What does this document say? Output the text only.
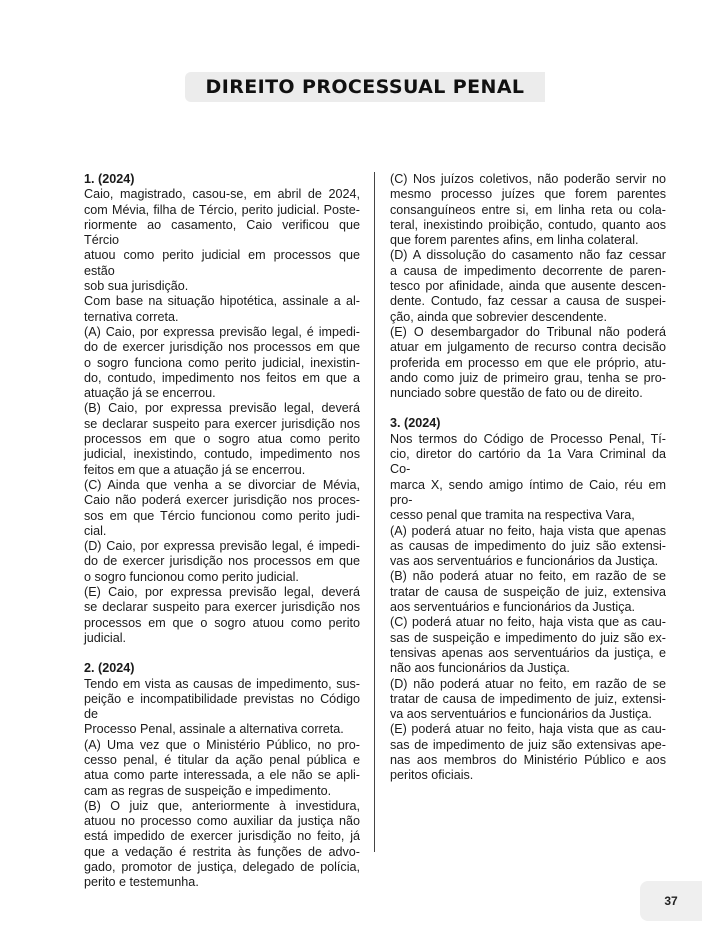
DIREITO PROCESSUAL PENAL
1. (2024)
Caio, magistrado, casou-se, em abril de 2024,
com Mévia, filha de Tércio, perito judicial. Poste-
riormente ao casamento, Caio verificou que Tércio
atuou como perito judicial em processos que estão
sob sua jurisdição.
Com base na situação hipotética, assinale a al-
ternativa correta.
(A) Caio, por expressa previsão legal, é impedi-
do de exercer jurisdição nos processos em que
o sogro funciona como perito judicial, inexistin-
do, contudo, impedimento nos feitos em que a
atuação já se encerrou.
(B) Caio, por expressa previsão legal, deverá
se declarar suspeito para exercer jurisdição nos
processos em que o sogro atua como perito
judicial, inexistindo, contudo, impedimento nos
feitos em que a atuação já se encerrou.
(C) Ainda que venha a se divorciar de Mévia,
Caio não poderá exercer jurisdição nos proces-
sos em que Tércio funcionou como perito judi-
cial.
(D) Caio, por expressa previsão legal, é impedi-
do de exercer jurisdição nos processos em que
o sogro funcionou como perito judicial.
(E) Caio, por expressa previsão legal, deverá
se declarar suspeito para exercer jurisdição nos
processos em que o sogro atuou como perito
judicial.
2. (2024)
Tendo em vista as causas de impedimento, sus-
peição e incompatibilidade previstas no Código de
Processo Penal, assinale a alternativa correta.
(A) Uma vez que o Ministério Público, no pro-
cesso penal, é titular da ação penal pública e
atua como parte interessada, a ele não se apli-
cam as regras de suspeição e impedimento.
(B) O juiz que, anteriormente à investidura,
atuou no processo como auxiliar da justiça não
está impedido de exercer jurisdição no feito, já
que a vedação é restrita às funções de advo-
gado, promotor de justiça, delegado de polícia,
perito e testemunha.
(C) Nos juízos coletivos, não poderão servir no
mesmo processo juízes que forem parentes
consanguíneos entre si, em linha reta ou cola-
teral, inexistindo proibição, contudo, quanto aos
que forem parentes afins, em linha colateral.
(D) A dissolução do casamento não faz cessar
a causa de impedimento decorrente de paren-
tesco por afinidade, ainda que ausente descen-
dente. Contudo, faz cessar a causa de suspei-
ção, ainda que sobrevier descendente.
(E) O desembargador do Tribunal não poderá
atuar em julgamento de recurso contra decisão
proferida em processo em que ele próprio, atu-
ando como juiz de primeiro grau, tenha se pro-
nunciado sobre questão de fato ou de direito.
3. (2024)
Nos termos do Código de Processo Penal, Tí-
cio, diretor do cartório da 1a Vara Criminal da Co-
marca X, sendo amigo íntimo de Caio, réu em pro-
cesso penal que tramita na respectiva Vara,
(A) poderá atuar no feito, haja vista que apenas
as causas de impedimento do juiz são extensi-
vas aos serventuários e funcionários da Justiça.
(B) não poderá atuar no feito, em razão de se
tratar de causa de suspeição de juiz, extensiva
aos serventuários e funcionários da Justiça.
(C) poderá atuar no feito, haja vista que as cau-
sas de suspeição e impedimento do juiz são ex-
tensivas apenas aos serventuários da justiça, e
não aos funcionários da Justiça.
(D) não poderá atuar no feito, em razão de se
tratar de causa de impedimento de juiz, extensi-
va aos serventuários e funcionários da Justiça.
(E) poderá atuar no feito, haja vista que as cau-
sas de impedimento de juiz são extensivas ape-
nas aos membros do Ministério Público e aos
peritos oficiais.
37
